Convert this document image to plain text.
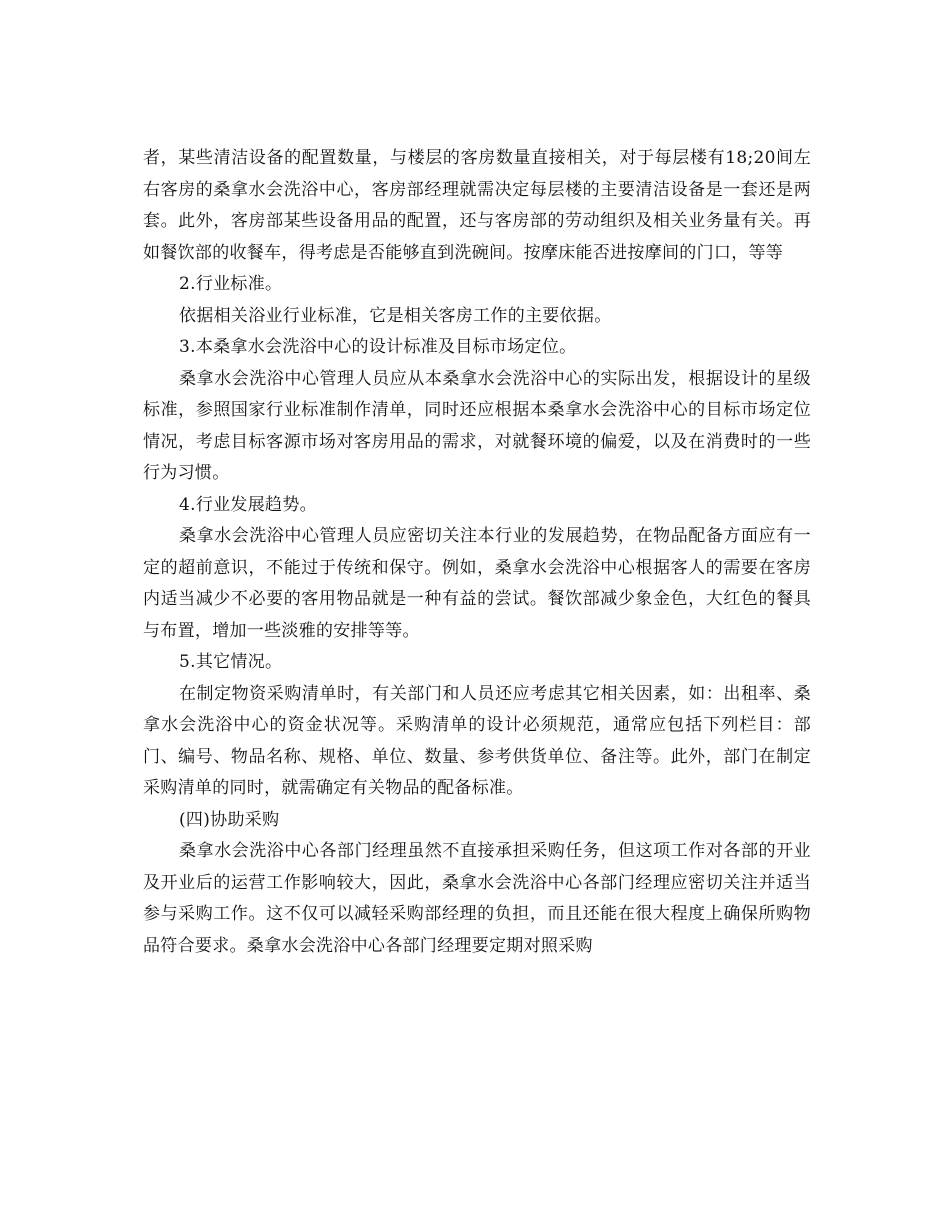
者，某些清洁设备的配置数量，与楼层的客房数量直接相关，对于每层楼有18;20间左右客房的桑拿水会洗浴中心，客房部经理就需决定每层楼的主要清洁设备是一套还是两套。此外，客房部某些设备用品的配置，还与客房部的劳动组织及相关业务量有关。再如餐饮部的收餐车，得考虑是否能够直到洗碗间。按摩床能否进按摩间的门口，等等

2.行业标准。

依据相关浴业行业标准，它是相关客房工作的主要依据。

3.本桑拿水会洗浴中心的设计标准及目标市场定位。

桑拿水会洗浴中心管理人员应从本桑拿水会洗浴中心的实际出发，根据设计的星级标准，参照国家行业标准制作清单，同时还应根据本桑拿水会洗浴中心的目标市场定位情况，考虑目标客源市场对客房用品的需求，对就餐环境的偏爱，以及在消费时的一些行为习惯。

4.行业发展趋势。

桑拿水会洗浴中心管理人员应密切关注本行业的发展趋势，在物品配备方面应有一定的超前意识，不能过于传统和保守。例如，桑拿水会洗浴中心根据客人的需要在客房内适当减少不必要的客用物品就是一种有益的尝试。餐饮部减少象金色，大红色的餐具与布置，增加一些淡雅的安排等等。

5.其它情况。

在制定物资采购清单时，有关部门和人员还应考虑其它相关因素，如：出租率、桑拿水会洗浴中心的资金状况等。采购清单的设计必须规范，通常应包括下列栏目：部门、编号、物品名称、规格、单位、数量、参考供货单位、备注等。此外，部门在制定采购清单的同时，就需确定有关物品的配备标准。

(四)协助采购

桑拿水会洗浴中心各部门经理虽然不直接承担采购任务，但这项工作对各部的开业及开业后的运营工作影响较大，因此，桑拿水会洗浴中心各部门经理应密切关注并适当参与采购工作。这不仅可以减轻采购部经理的负担，而且还能在很大程度上确保所购物品符合要求。桑拿水会洗浴中心各部门经理要定期对照采购
